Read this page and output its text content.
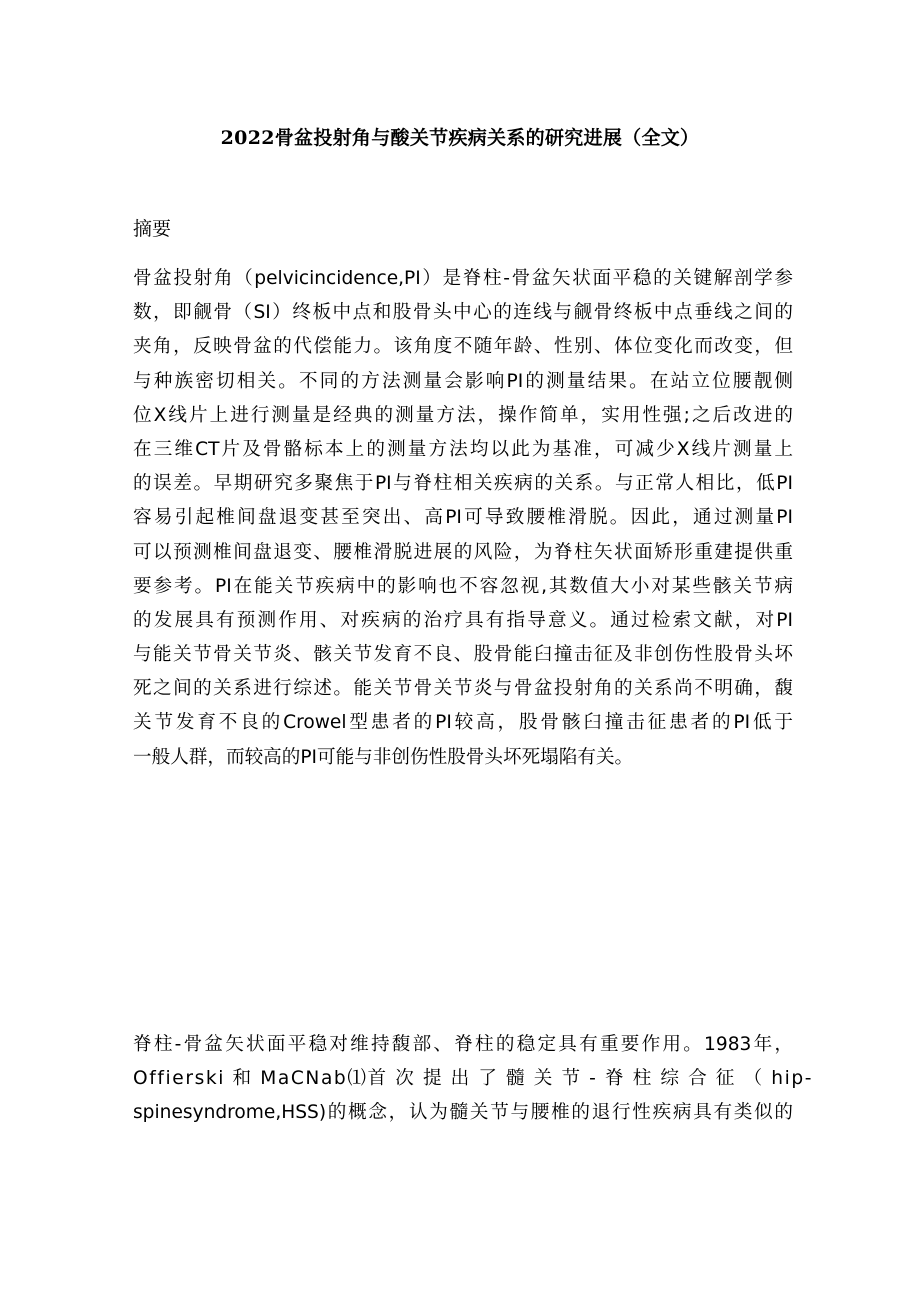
2022骨盆投射角与酸关节疾病关系的研究进展（全文）
摘要
骨盆投射角（pelvicincidence,PI）是脊柱-骨盆矢状面平稳的关键解剖学参
数，即觎骨（SI）终板中点和股骨头中心的连线与觎骨终板中点垂线之间的
夹角，反映骨盆的代偿能力。该角度不随年龄、性别、体位变化而改变，但
与种族密切相关。不同的方法测量会影响PI的测量结果。在站立位腰靓侧
位X线片上进行测量是经典的测量方法，操作简单，实用性强;之后改进的
在三维CT片及骨骼标本上的测量方法均以此为基准，可减少X线片测量上
的误差。早期研究多聚焦于PI与脊柱相关疾病的关系。与正常人相比，低PI
容易引起椎间盘退变甚至突出、高PI可导致腰椎滑脱。因此，通过测量PI
可以预测椎间盘退变、腰椎滑脱进展的风险，为脊柱矢状面矫形重建提供重
要参考。PI在能关节疾病中的影响也不容忽视,其数值大小对某些骸关节病
的发展具有预测作用、对疾病的治疗具有指导意义。通过检索文献，对PI
与能关节骨关节炎、骸关节发育不良、股骨能臼撞击征及非创伤性股骨头坏
死之间的关系进行综述。能关节骨关节炎与骨盆投射角的关系尚不明确，馥
关节发育不良的Crowel型患者的PI较高，股骨骸臼撞击征患者的PI低于
一般人群，而较高的PI可能与非创伤性股骨头坏死塌陷有关。
脊柱-骨盆矢状面平稳对维持馥部、脊柱的稳定具有重要作用。1983年，
Offierski 和 MaCNab⑴首 次 提 出 了 髓 关 节 - 脊 柱 综 合 征 （ hip-
spinesyndrome,HSS)的概念，认为髓关节与腰椎的退行性疾病具有类似的
